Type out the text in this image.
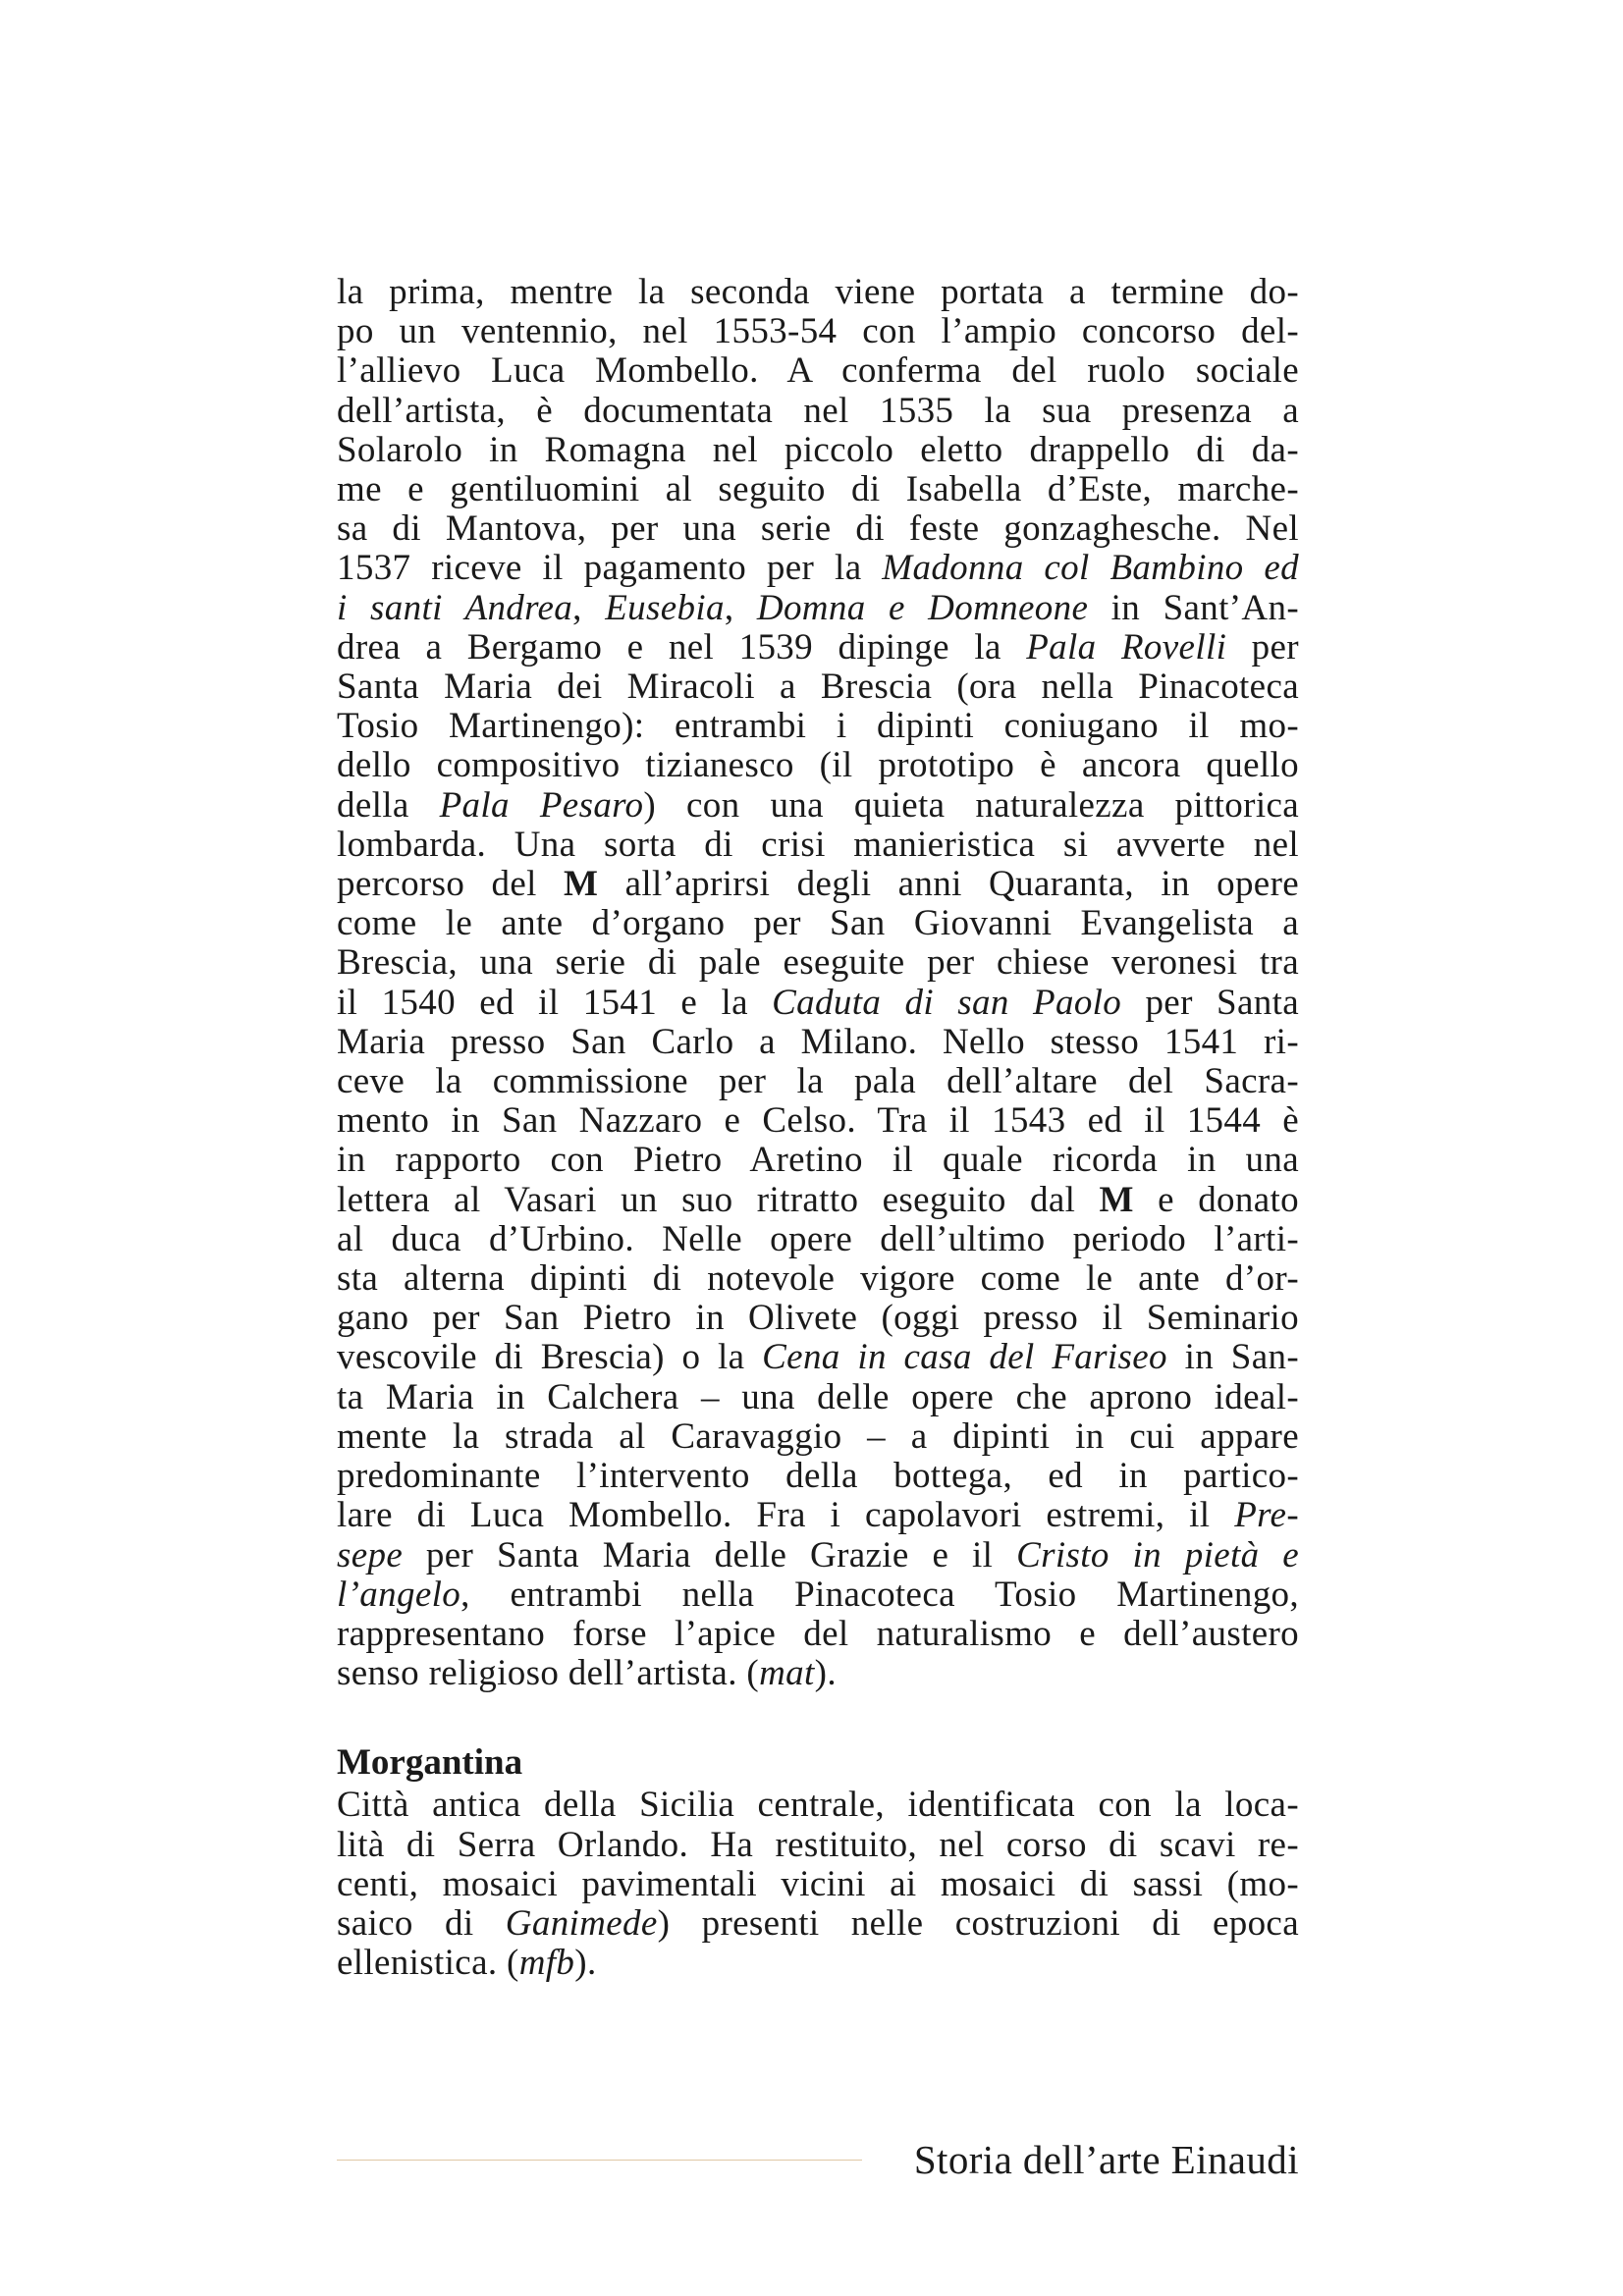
la prima, mentre la seconda viene portata a termine do-
po un ventennio, nel 1553-54 con l’ampio concorso del-
l’allievo Luca Mombello. A conferma del ruolo sociale
dell’artista, è documentata nel 1535 la sua presenza a
Solarolo in Romagna nel piccolo eletto drappello di da-
me e gentiluomini al seguito di Isabella d’Este, marche-
sa di Mantova, per una serie di feste gonzaghesche. Nel
1537 riceve il pagamento per la Madonna col Bambino ed
i santi Andrea, Eusebia, Domna e Domneone in Sant’An-
drea a Bergamo e nel 1539 dipinge la Pala Rovelli per
Santa Maria dei Miracoli a Brescia (ora nella Pinacoteca
Tosio Martinengo): entrambi i dipinti coniugano il mo-
dello compositivo tizianesco (il prototipo è ancora quello
della Pala Pesaro) con una quieta naturalezza pittorica
lombarda. Una sorta di crisi manieristica si avverte nel
percorso del M all’aprirsi degli anni Quaranta, in opere
come le ante d’organo per San Giovanni Evangelista a
Brescia, una serie di pale eseguite per chiese veronesi tra
il 1540 ed il 1541 e la Caduta di san Paolo per Santa
Maria presso San Carlo a Milano. Nello stesso 1541 ri-
ceve la commissione per la pala dell’altare del Sacra-
mento in San Nazzaro e Celso. Tra il 1543 ed il 1544 è
in rapporto con Pietro Aretino il quale ricorda in una
lettera al Vasari un suo ritratto eseguito dal M e donato
al duca d’Urbino. Nelle opere dell’ultimo periodo l’arti-
sta alterna dipinti di notevole vigore come le ante d’or-
gano per San Pietro in Olivete (oggi presso il Seminario
vescovile di Brescia) o la Cena in casa del Fariseo in San-
ta Maria in Calchera – una delle opere che aprono ideal-
mente la strada al Caravaggio – a dipinti in cui appare
predominante l’intervento della bottega, ed in partico-
lare di Luca Mombello. Fra i capolavori estremi, il Pre-
sepe per Santa Maria delle Grazie e il Cristo in pietà e
l’angelo, entrambi nella Pinacoteca Tosio Martinengo,
rappresentano forse l’apice del naturalismo e dell’austero
senso religioso dell’artista. (mat).

Morgantina

Città antica della Sicilia centrale, identificata con la loca-
lità di Serra Orlando. Ha restituito, nel corso di scavi re-
centi, mosaici pavimentali vicini ai mosaici di sassi (mo-
saico di Ganimede) presenti nelle costruzioni di epoca
ellenistica. (mfb).

Storia dell’arte Einaudi
